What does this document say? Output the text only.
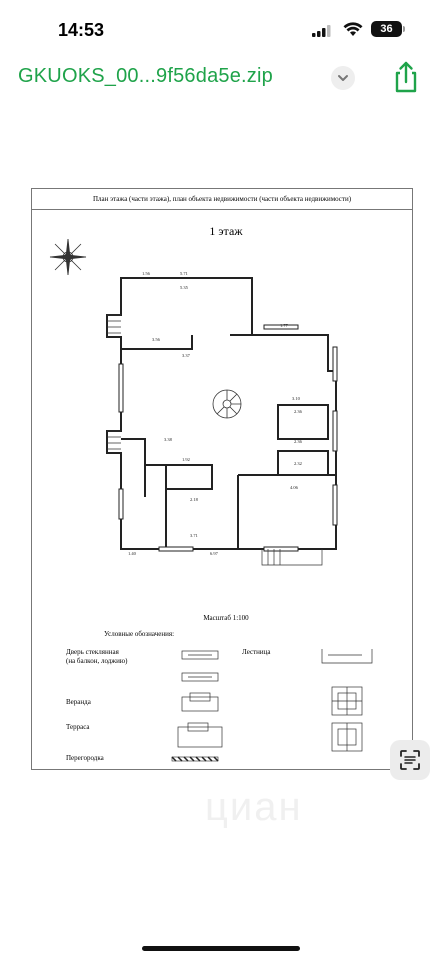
14:53	36
GKUOKS_00...9f56da5e.zip
План этажа (части этажа), план объекта недвижимости (части объекта недвижимости)
1 этаж
5.71
5.35
3.56
3.37
1.77
3.10
3.38
1.92
4.06
2.18
3.71
6.97
1.40
2.36
2.36
2.32
1.56
Масштаб 1:100
Условные обозначения:
Дверь стеклянная
(на балкон, лоджию)
Лестница
Веранда
Терраса
Перегородка
циан
